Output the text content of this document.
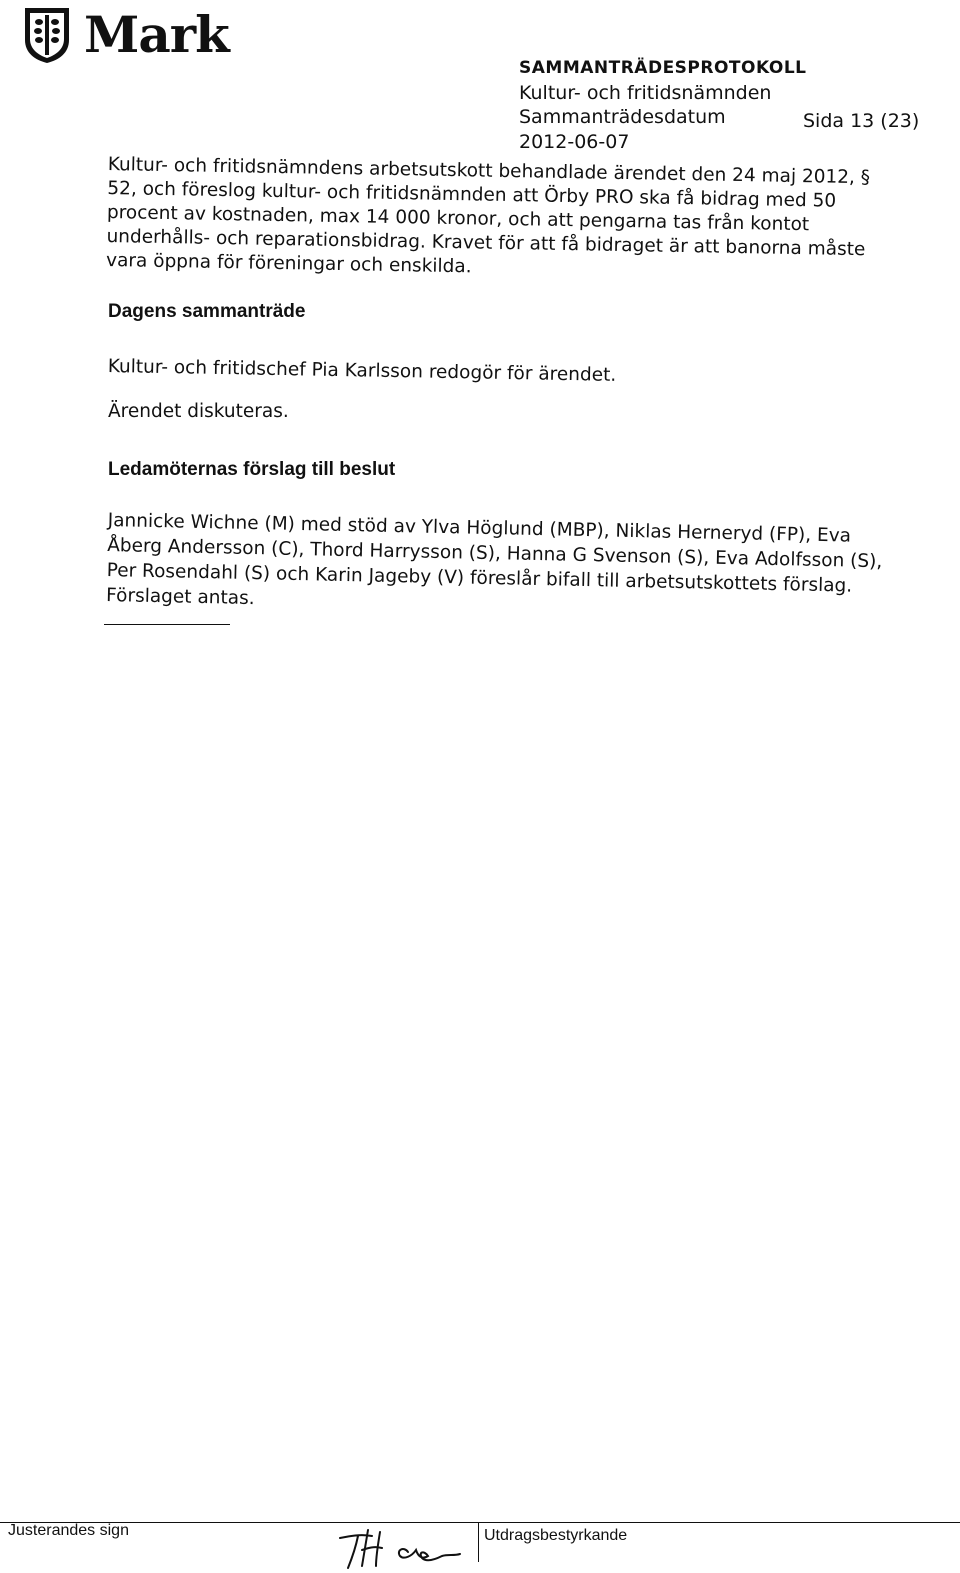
Mark
SAMMANTRÄDESPROTOKOLL
Kultur- och fritidsnämnden
Sammanträdesdatum
2012-06-07
Sida 13 (23)
Kultur- och fritidsnämndens arbetsutskott behandlade ärendet den 24 maj 2012, § 52, och föreslog kultur- och fritidsnämnden att Örby PRO ska få bidrag med 50 procent av kostnaden, max 14 000 kronor, och att pengarna tas från kontot underhålls- och reparationsbidrag. Kravet för att få bidraget är att banorna måste vara öppna för föreningar och enskilda.
Dagens sammanträde
Kultur- och fritidschef Pia Karlsson redogör för ärendet.
Ärendet diskuteras.
Ledamöternas förslag till beslut
Jannicke Wichne (M) med stöd av Ylva Höglund (MBP), Niklas Herneryd (FP), Eva Åberg Andersson (C), Thord Harrysson (S), Hanna G Svenson (S), Eva Adolfsson (S), Per Rosendahl (S) och Karin Jageby (V) föreslår bifall till arbetsutskottets förslag. Förslaget antas.
Justerandes sign	Utdragsbestyrkande
